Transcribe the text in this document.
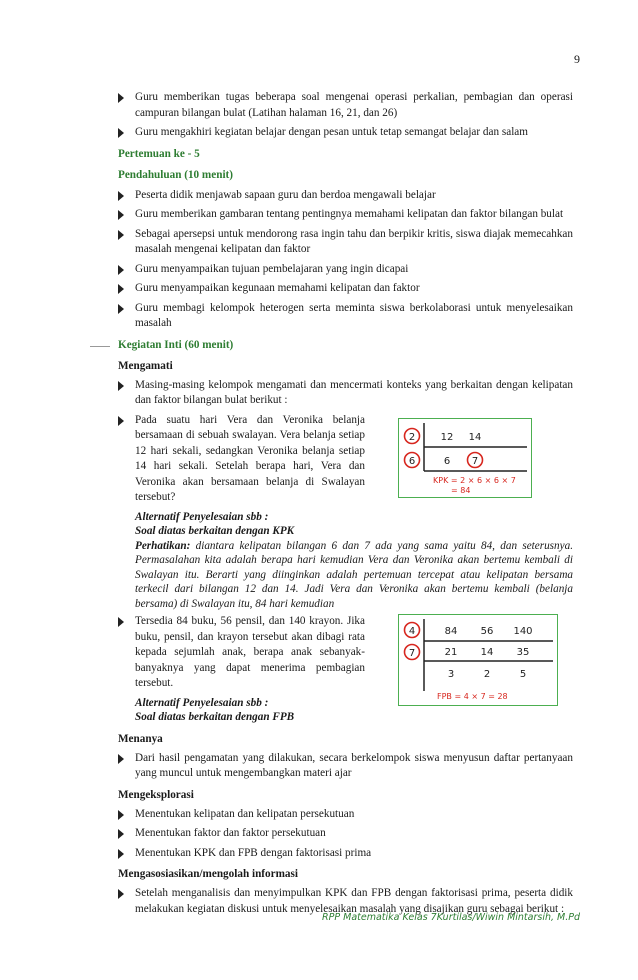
9
Guru memberikan tugas beberapa soal mengenai operasi perkalian, pembagian dan operasi campuran bilangan bulat (Latihan halaman 16, 21, dan 26)
Guru mengakhiri kegiatan belajar dengan pesan untuk tetap semangat belajar dan salam
Pertemuan ke - 5
Pendahuluan (10 menit)
Peserta didik menjawab sapaan guru dan berdoa mengawali belajar
Guru memberikan gambaran tentang pentingnya memahami kelipatan dan faktor bilangan bulat
Sebagai apersepsi untuk mendorong rasa ingin tahu dan berpikir kritis, siswa diajak memecahkan masalah mengenai kelipatan dan faktor
Guru menyampaikan tujuan pembelajaran yang ingin dicapai
Guru menyampaikan kegunaan memahami kelipatan dan faktor
Guru membagi kelompok heterogen serta meminta siswa berkolaborasi untuk menyelesaikan masalah
Kegiatan Inti (60 menit)
Mengamati
Masing-masing kelompok mengamati dan mencermati konteks yang berkaitan dengan kelipatan dan faktor bilangan bulat berikut :
Pada suatu hari Vera dan Veronika belanja bersamaan di sebuah swalayan. Vera belanja setiap 12 hari sekali, sedangkan Veronika belanja setiap 14 hari sekali. Setelah berapa hari, Vera dan Veronika akan bersamaan belanja di Swalayan tersebut?
Alternatif Penyelesaian sbb :
Soal diatas berkaitan dengan KPK
Perhatikan: diantara kelipatan bilangan 6 dan 7 ada yang sama yaitu 84, dan seterusnya. Permasalahan kita adalah berapa hari kemudian Vera dan Veronika akan bertemu kembali di Swalayan itu. Berarti yang diinginkan adalah pertemuan tercepat atau kelipatan bersama terkecil dari bilangan 12 dan 14. Jadi Vera dan Veronika akan bertemu kembali (belanja bersama) di Swalayan itu, 84 hari kemudian
Tersedia 84 buku, 56 pensil, dan 140 krayon. Jika buku, pensil, dan krayon tersebut akan dibagi rata kepada sejumlah anak, berapa anak sebanyak-banyaknya yang dapat menerima pembagian tersebut.
Alternatif Penyelesaian sbb :
Soal diatas berkaitan dengan FPB
Menanya
Dari hasil pengamatan yang dilakukan, secara berkelompok siswa menyusun daftar pertanyaan yang muncul untuk mengembangkan materi ajar
Mengeksplorasi
Menentukan kelipatan dan kelipatan persekutuan
Menentukan faktor dan faktor persekutuan
Menentukan KPK dan FPB dengan faktorisasi prima
Mengasosiasikan/mengolah informasi
Setelah menganalisis dan menyimpulkan KPK dan FPB dengan faktorisasi prima, peserta didik melakukan kegiatan diskusi untuk menyelesaikan masalah yang disajikan guru sebagai berikut :
2
6
12 14
6 7
KPK = 2 × 6 × 6 × 7
= 84
4
7
84 56 140
21 14 35
3	2	5
FPB = 4 × 7 = 28
RPP Matematika Kelas 7Kurtilas/Wiwin Mintarsih, M.Pd
